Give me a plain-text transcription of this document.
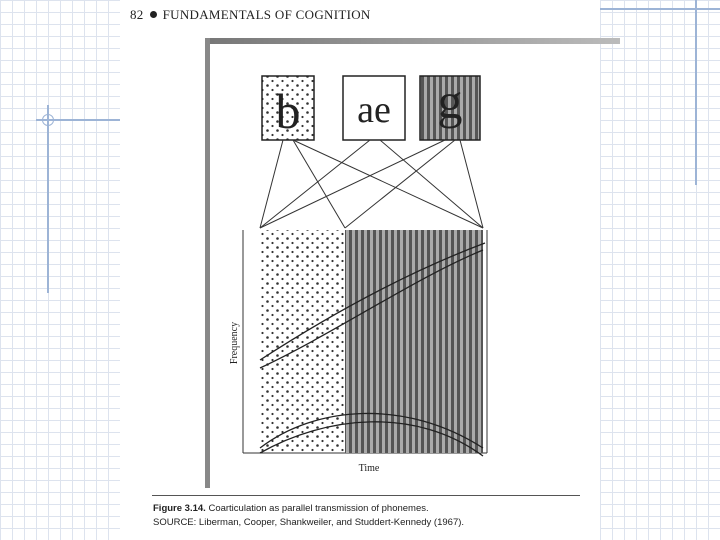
82 FUNDAMENTALS OF COGNITION
b ae g
Frequency
Time
Figure 3.14. Coarticulation as parallel transmission of phonemes.
SOURCE: Liberman, Cooper, Shankweiler, and Studdert-Kennedy (1967).
